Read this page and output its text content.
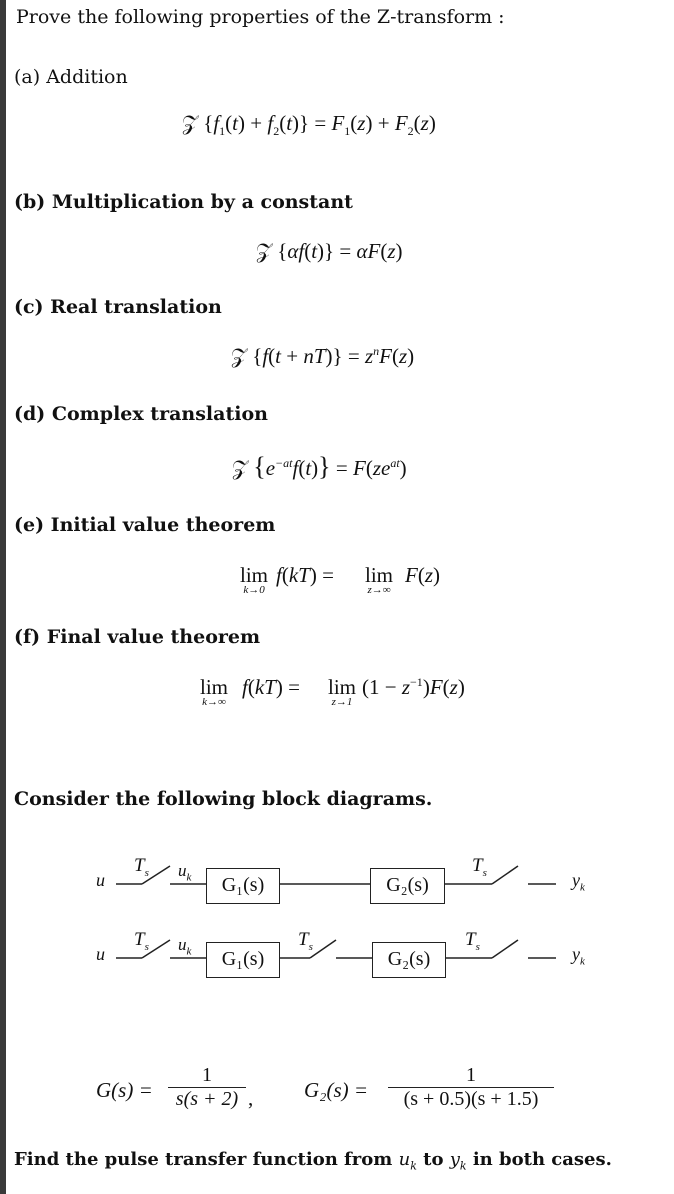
Prove the following properties of the Z-transform :
(a) Addition
𝒵 $\{f_1(t) + f_2(t)\} = F_1(z) + F_2(z)$
(b) Multiplication by a constant
𝒵 {αf(t)} = αF(z)
(c) Real translation
𝒵 $\{f(t + nT)\} = z^nF(z)$
(d) Complex translation
𝒵 $\{e^{-at}f(t)\} = F(ze^{at})$
(e) Initial value theorem
lim
k→0
f(kT) = lim
z→∞
F(z)
(f) Final value theorem
lim
k→∞
f(kT) = lim
z→1
$(1 - z^{-1})F(z)$
Consider the following block diagrams.
u
$T_s$ $u_k$	G₁(s)	G₂(s)
$T_s$	$y_k$
u
$T_s$ $u_k$	G₁(s)
$T_s$
G₂(s)
$T_s$	$y_k$
G(s) =
1
s(s + 2) , G₂(s) =
1
(s + 0.5)(s + 1.5)
Find the pulse transfer function from $u_k$ to $y_k$ in both cases.
